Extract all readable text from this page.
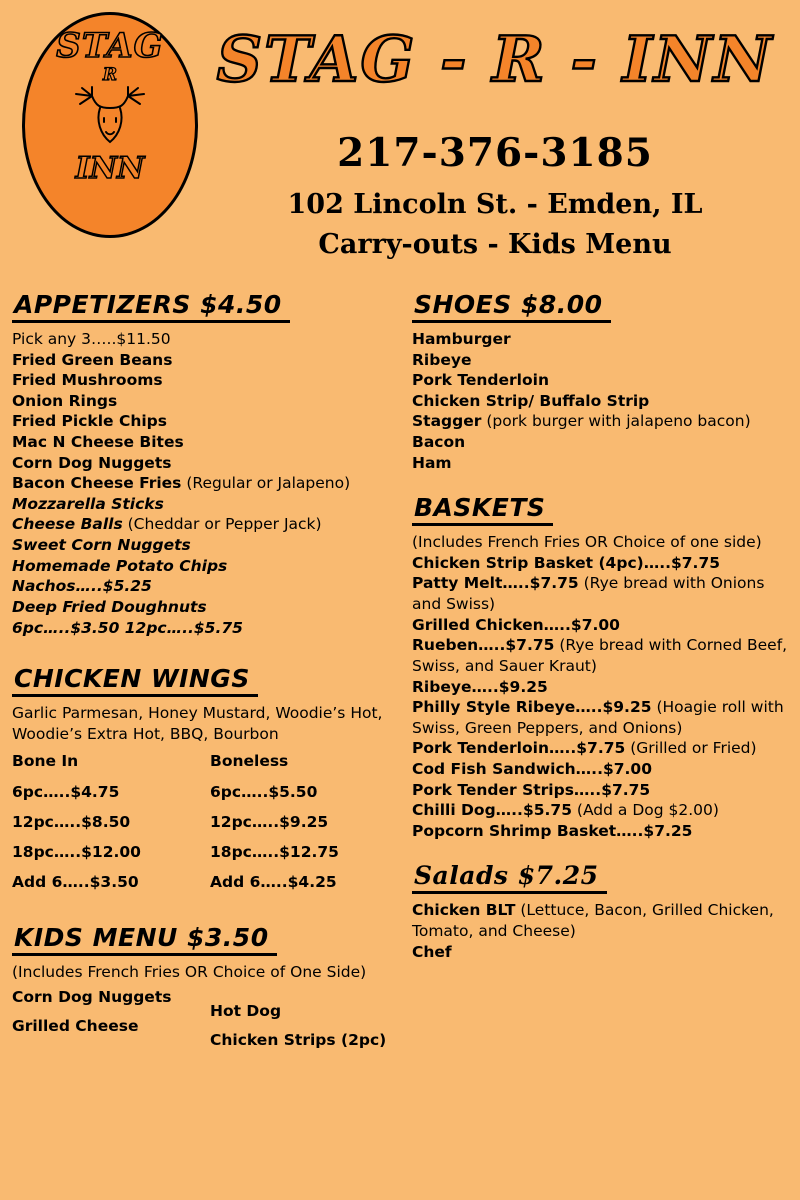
STAG
R
INN
STAG - R - INN
217-376-3185
102 Lincoln St. - Emden, IL
Carry-outs - Kids Menu
APPETIZERS $4.50

Pick any 3…..$11.50

Fried Green Beans

Fried Mushrooms

Onion Rings

Fried Pickle Chips

Mac N Cheese Bites

Corn Dog Nuggets

Bacon Cheese Fries (Regular or Jalapeno)

Mozzarella Sticks

Cheese Balls (Cheddar or Pepper Jack)

Sweet Corn Nuggets

Homemade Potato Chips

Nachos…..$5.25

Deep Fried Doughnuts

6pc…..$3.50 12pc…..$5.75

CHICKEN WINGS

Garlic Parmesan, Honey Mustard, Woodie’s Hot, Woodie’s Extra Hot, BBQ, Bourbon

Bone In

6pc…..$4.75

12pc…..$8.50

18pc…..$12.00

Add 6…..$3.50

Boneless

6pc…..$5.50

12pc…..$9.25

18pc…..$12.75

Add 6…..$4.25

KIDS MENU $3.50

(Includes French Fries OR Choice of One Side)

Corn Dog Nuggets

Grilled Cheese

Hot Dog

Chicken Strips (2pc)

SHOES $8.00

Hamburger

Ribeye

Pork Tenderloin

Chicken Strip/ Buffalo Strip

Stagger (pork burger with jalapeno bacon)

Bacon

Ham

BASKETS

(Includes French Fries OR Choice of one side)

Chicken Strip Basket (4pc)…..$7.75

Patty Melt…..$7.75 (Rye bread with Onions and Swiss)

Grilled Chicken…..$7.00

Rueben…..$7.75 (Rye bread with Corned Beef, Swiss, and Sauer Kraut)

Ribeye…..$9.25

Philly Style Ribeye…..$9.25 (Hoagie roll with Swiss, Green Peppers, and Onions)

Pork Tenderloin…..$7.75 (Grilled or Fried)

Cod Fish Sandwich…..$7.00

Pork Tender Strips…..$7.75

Chilli Dog…..$5.75 (Add a Dog $2.00)

Popcorn Shrimp Basket…..$7.25

Salads $7.25

Chicken BLT (Lettuce, Bacon, Grilled Chicken, Tomato, and Cheese)

Chef
